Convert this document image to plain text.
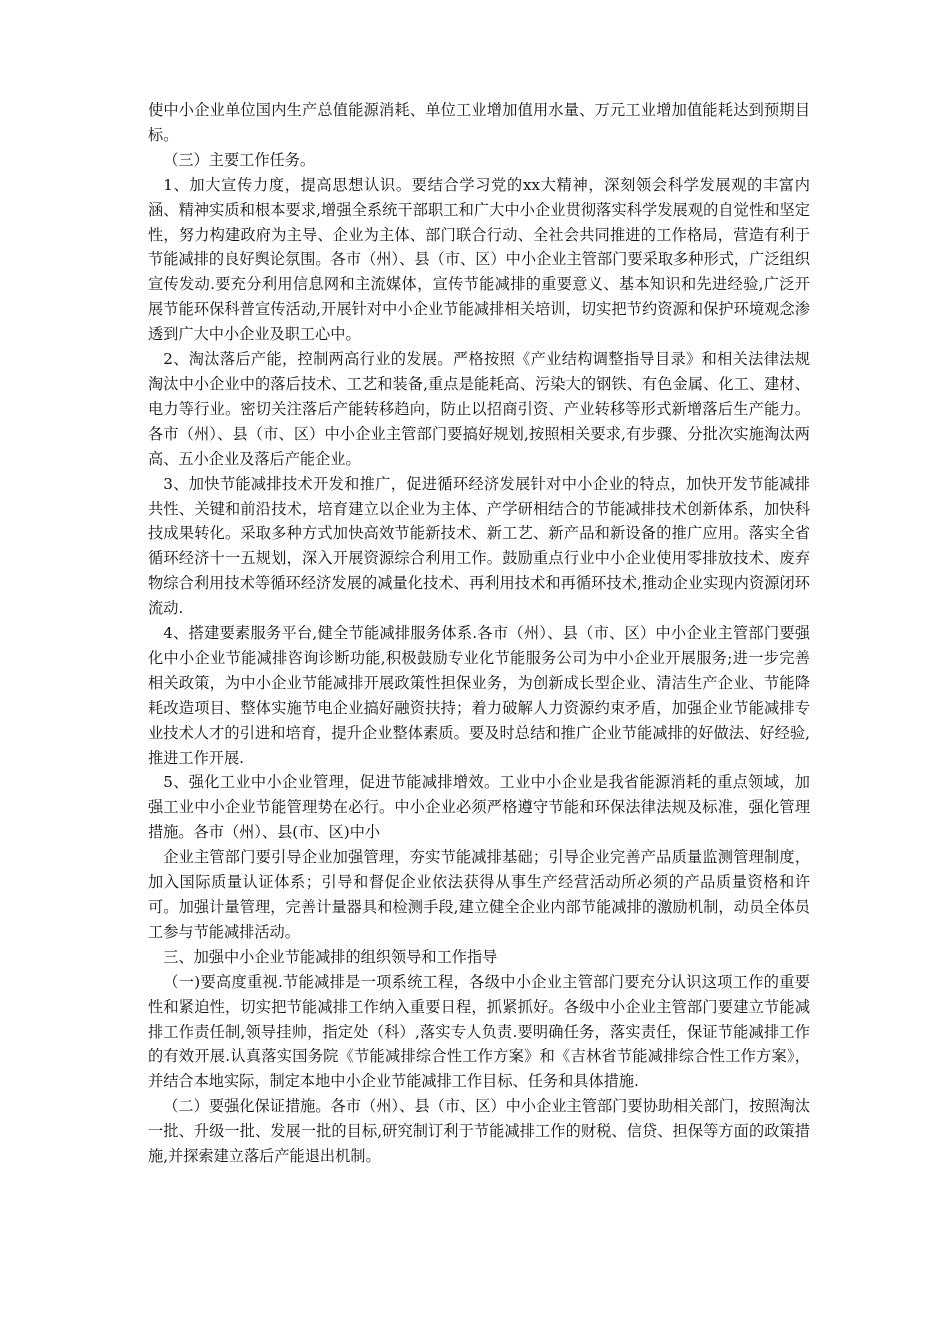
使中小企业单位国内生产总值能源消耗、单位工业增加值用水量、万元工业增加值能耗达到预期目标。

（三）主要工作任务。

1、加大宣传力度，提高思想认识。要结合学习党的xx大精神，深刻领会科学发展观的丰富内涵、精神实质和根本要求,增强全系统干部职工和广大中小企业贯彻落实科学发展观的自觉性和坚定性，努力构建政府为主导、企业为主体、部门联合行动、全社会共同推进的工作格局，营造有利于节能减排的良好舆论氛围。各市（州）、县（市、区）中小企业主管部门要采取多种形式，广泛组织宣传发动.要充分利用信息网和主流媒体，宣传节能减排的重要意义、基本知识和先进经验,广泛开展节能环保科普宣传活动,开展针对中小企业节能减排相关培训，切实把节约资源和保护环境观念渗透到广大中小企业及职工心中。

2、淘汰落后产能，控制两高行业的发展。严格按照《产业结构调整指导目录》和相关法律法规淘汰中小企业中的落后技术、工艺和装备,重点是能耗高、污染大的钢铁、有色金属、化工、建材、电力等行业。密切关注落后产能转移趋向，防止以招商引资、产业转移等形式新增落后生产能力。各市（州）、县（市、区）中小企业主管部门要搞好规划,按照相关要求,有步骤、分批次实施淘汰两高、五小企业及落后产能企业。

3、加快节能减排技术开发和推广，促进循环经济发展针对中小企业的特点，加快开发节能减排共性、关键和前沿技术，培育建立以企业为主体、产学研相结合的节能减排技术创新体系，加快科技成果转化。采取多种方式加快高效节能新技术、新工艺、新产品和新设备的推广应用。落实全省循环经济十一五规划，深入开展资源综合利用工作。鼓励重点行业中小企业使用零排放技术、废弃物综合利用技术等循环经济发展的减量化技术、再利用技术和再循环技术,推动企业实现内资源闭环流动.

4、搭建要素服务平台,健全节能减排服务体系.各市（州）、县（市、区）中小企业主管部门要强化中小企业节能减排咨询诊断功能,积极鼓励专业化节能服务公司为中小企业开展服务;进一步完善相关政策，为中小企业节能减排开展政策性担保业务，为创新成长型企业、清洁生产企业、节能降耗改造项目、整体实施节电企业搞好融资扶持；着力破解人力资源约束矛盾，加强企业节能减排专业技术人才的引进和培育，提升企业整体素质。要及时总结和推广企业节能减排的好做法、好经验,推进工作开展.

5、强化工业中小企业管理，促进节能减排增效。工业中小企业是我省能源消耗的重点领域，加强工业中小企业节能管理势在必行。中小企业必须严格遵守节能和环保法律法规及标准，强化管理措施。各市（州）、县(市、区)中小

企业主管部门要引导企业加强管理，夯实节能减排基础；引导企业完善产品质量监测管理制度，加入国际质量认证体系；引导和督促企业依法获得从事生产经营活动所必须的产品质量资格和许可。加强计量管理，完善计量器具和检测手段,建立健全企业内部节能减排的激励机制，动员全体员工参与节能减排活动。

三、加强中小企业节能减排的组织领导和工作指导

（一)要高度重视.节能减排是一项系统工程，各级中小企业主管部门要充分认识这项工作的重要性和紧迫性，切实把节能减排工作纳入重要日程，抓紧抓好。各级中小企业主管部门要建立节能减排工作责任制,领导挂帅，指定处（科）,落实专人负责.要明确任务，落实责任，保证节能减排工作的有效开展.认真落实国务院《节能减排综合性工作方案》和《吉林省节能减排综合性工作方案》，并结合本地实际，制定本地中小企业节能减排工作目标、任务和具体措施.

（二）要强化保证措施。各市（州）、县（市、区）中小企业主管部门要协助相关部门，按照淘汰一批、升级一批、发展一批的目标,研究制订利于节能减排工作的财税、信贷、担保等方面的政策措施,并探索建立落后产能退出机制。
